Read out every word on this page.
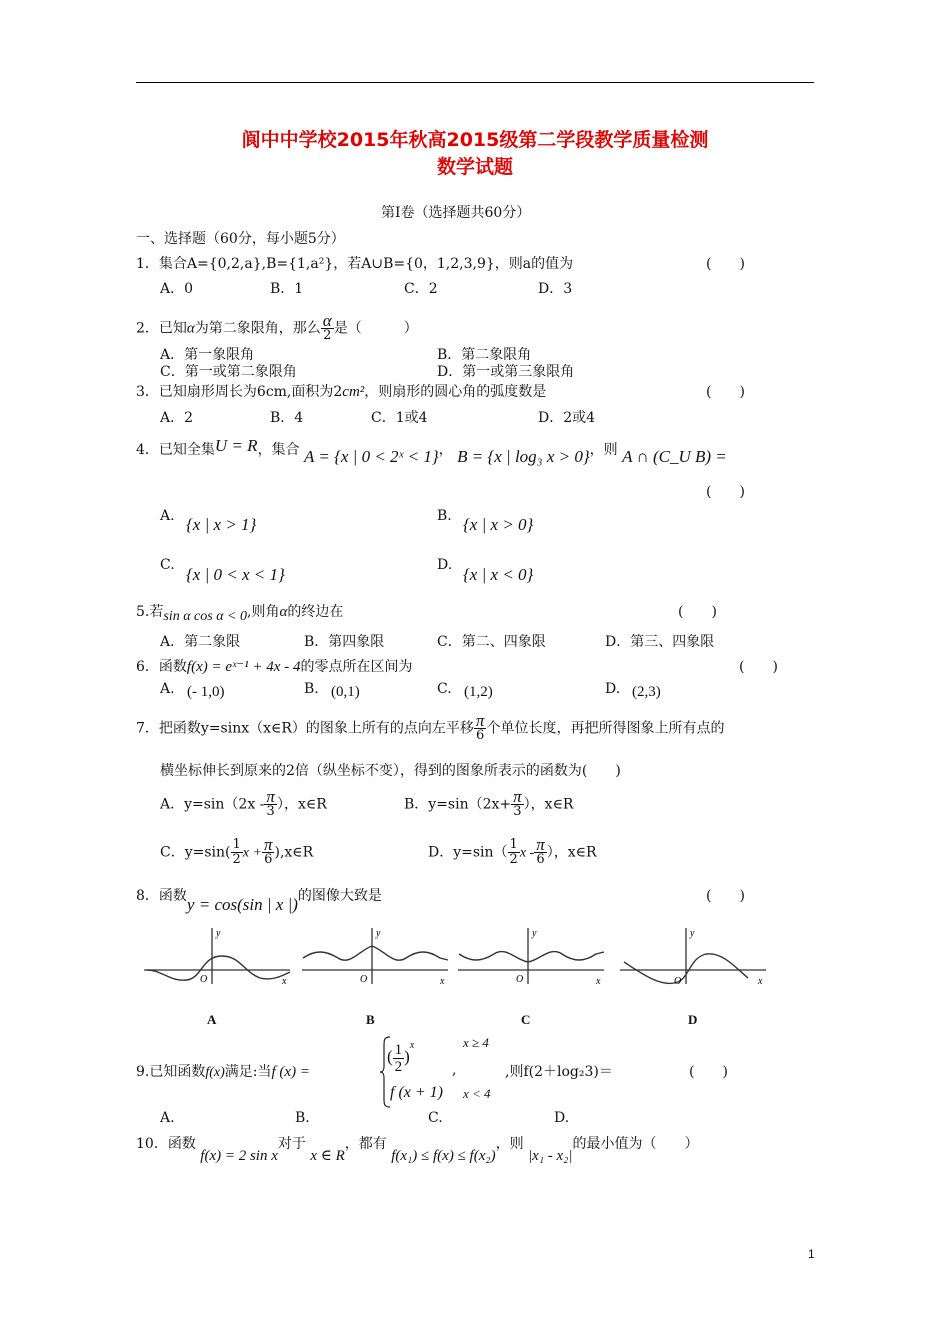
阆中中学校2015年秋高2015级第二学段教学质量检测
数学试题
第Ⅰ卷（选择题共60分）
一、选择题（60分，每小题5分）
1．集合A={0,2,a},B={1,a²}，若A∪B={0，1,2,3,9}，则a的值为	(　　)
A．0	B．1	C．2	D．3
2．已知α为第二象限角，那么 $\frac{\alpha}{2}$ 是（　　　）
A．第一象限角	B．第二象限角
C．第一或第二象限角	D．第一或第三象限角
3．已知扇形周长为6cm,面积为2cm²，则扇形的圆心角的弧度数是	(　　)
A．2	B．4	C．1或4	D．2或4
4．已知全集U = R，集合 A = {x | 0 < 2ˣ < 1}， B = {x | log₃ x > 0}，则 A ∩ (C_U B) =
(　　)
A. {x | x > 1}	B. {x | x > 0}
C. {x | 0 < x < 1}	D. {x | x < 0}
5.若sin α cos α < 0,则角α的终边在	(　　)
A．第二象限	B．第四象限	C．第二、四象限	D．第三、四象限
6．函数f(x) = eˣ⁻¹ + 4x - 4的零点所在区间为	(　　)
A. (- 1,0)	B. (0,1)	C. (1,2)	D. (2,3)
7．把函数y=sinx（x∈R）的图象上所有的点向左平移 $\frac{\pi}{6}$ 个单位长度，再把所得图象上所有点的
横坐标伸长到原来的2倍（纵坐标不变），得到的图象所表示的函数为(　　)
A．$y=\sin(2x - \frac{\pi}{3}$ ），x∈R	B．$y=\sin(2x+ \frac{\pi}{3}$ ），x∈R
C．$y=\sin( \frac{1}{2}$ $x + \frac{\pi}{6}$ ),x∈R	D．$y=\sin( \frac{1}{2}$ x - $\frac{\pi}{6}$ ），x∈R
8．函数y = cos(sin | x |)的图像大致是	(　　)
y
x
O
y
x
O
y
x
O
y
x
O
A	B	C	D
9.已知函数f(x)满足:当f (x) =
( $\frac{1}{2} )^x$	x ≥ 4
,
f (x + 1) x < 4
,则f(2＋log₂3)＝	(　　)
A.	B.	C.	D.
10．函数 f(x) = 2 sin x对于 x ∈ R，都有 f(x₁) ≤ f(x) ≤ f(x₂)，则 |x₁ - x₂|的最小值为（　　）
1
